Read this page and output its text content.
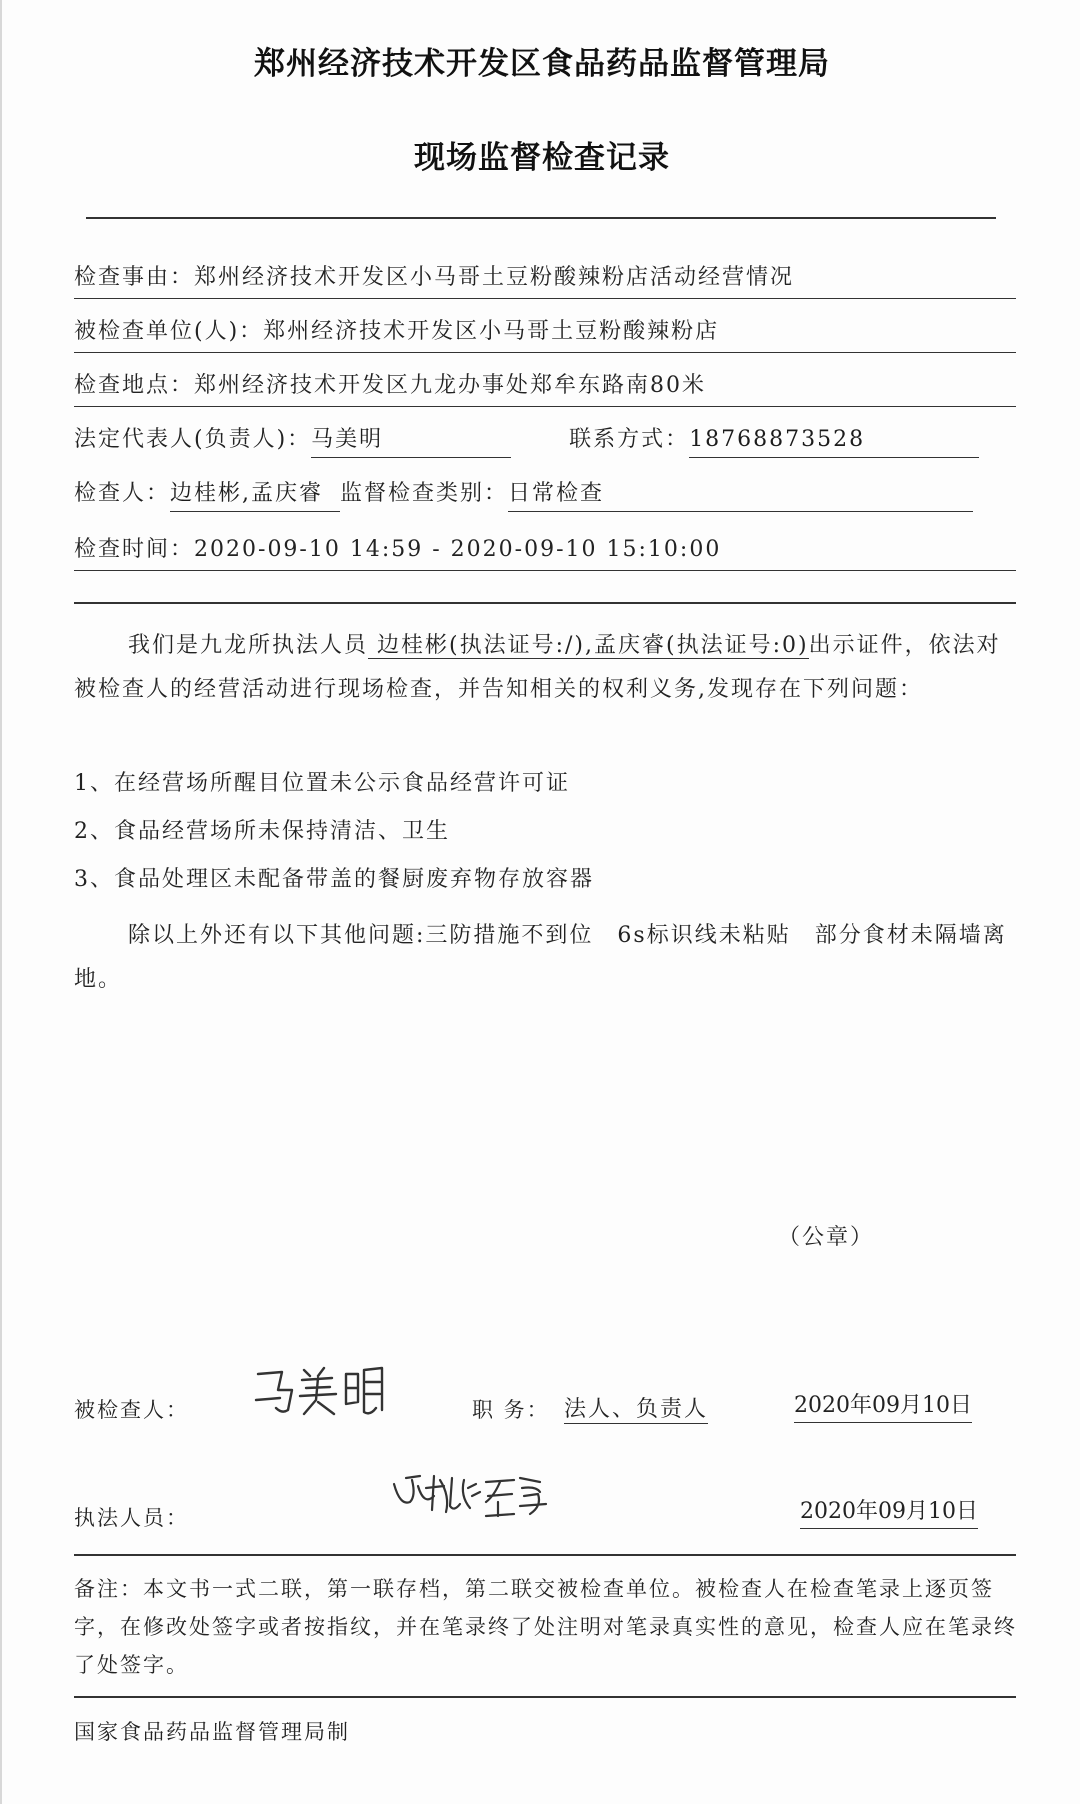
郑州经济技术开发区食品药品监督管理局
现场监督检查记录
检查事由：郑州经济技术开发区小马哥土豆粉酸辣粉店活动经营情况
被检查单位(人)：郑州经济技术开发区小马哥土豆粉酸辣粉店
检查地点：郑州经济技术开发区九龙办事处郑牟东路南80米
法定代表人(负责人)：马美明	联系方式：18768873528
检查人：边桂彬,孟庆睿 监督检查类别：日常检查
检查时间：2020-09-10 14:59 - 2020-09-10 15:10:00
我们是九龙所执法人员 边桂彬(执法证号:/),孟庆睿(执法证号:0)出示证件，依法对被检查人的经营活动进行现场检查，并告知相关的权利义务,发现存在下列问题：
1、在经营场所醒目位置未公示食品经营许可证
2、食品经营场所未保持清洁、卫生
3、食品处理区未配备带盖的餐厨废弃物存放容器
除以上外还有以下其他问题:三防措施不到位　6s标识线未粘贴　部分食材未隔墙离地。
（公章）
被检查人：	职 务： 法人、负责人	2020年09月10日
执法人员：	2020年09月10日
备注：本文书一式二联，第一联存档，第二联交被检查单位。被检查人在检查笔录上逐页签字，在修改处签字或者按指纹，并在笔录终了处注明对笔录真实性的意见，检查人应在笔录终了处签字。
国家食品药品监督管理局制
